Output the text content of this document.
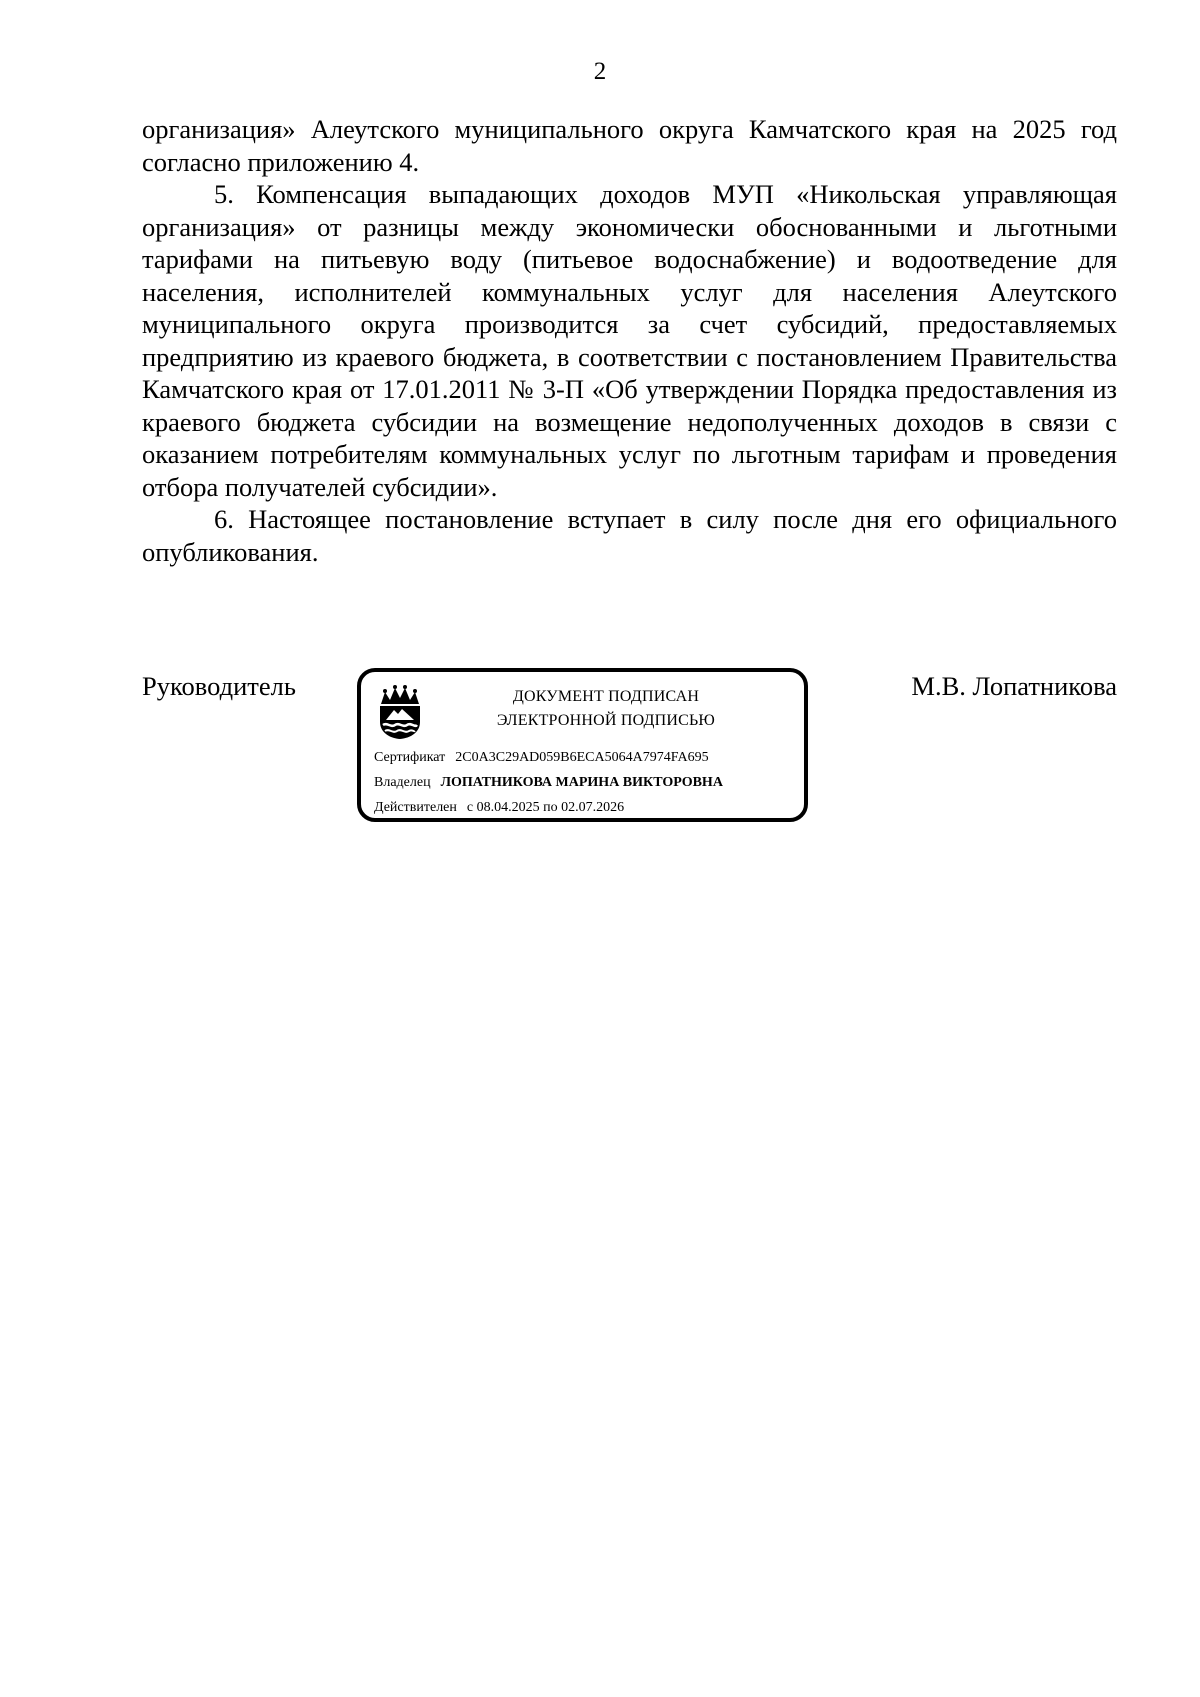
2

организация» Алеутского муниципального округа Камчатского края на 2025 год согласно приложению 4.

5. Компенсация выпадающих доходов МУП «Никольская управляющая организация» от разницы между экономически обоснованными и льготными тарифами на питьевую воду (питьевое водоснабжение) и водоотведение для населения, исполнителей коммунальных услуг для населения Алеутского муниципального округа производится за счет субсидий, предоставляемых предприятию из краевого бюджета, в соответствии с постановлением Правительства Камчатского края от 17.01.2011 № 3-П «Об утверждении Порядка предоставления из краевого бюджета субсидии на возмещение недополученных доходов в связи с оказанием потребителям коммунальных услуг по льготным тарифам и проведения отбора получателей субсидии».

6. Настоящее постановление вступает в силу после дня его официального опубликования.

Руководитель	ДОКУМЕНТ ПОДПИСАН
ЭЛЕКТРОННОЙ ПОДПИСЬЮ
Сертификат 2C0A3C29AD059B6ECA5064A7974FA695
Владелец ЛОПАТНИКОВА МАРИНА ВИКТОРОВНА
Действителен с 08.04.2025 по 02.07.2026
М.В. Лопатникова
